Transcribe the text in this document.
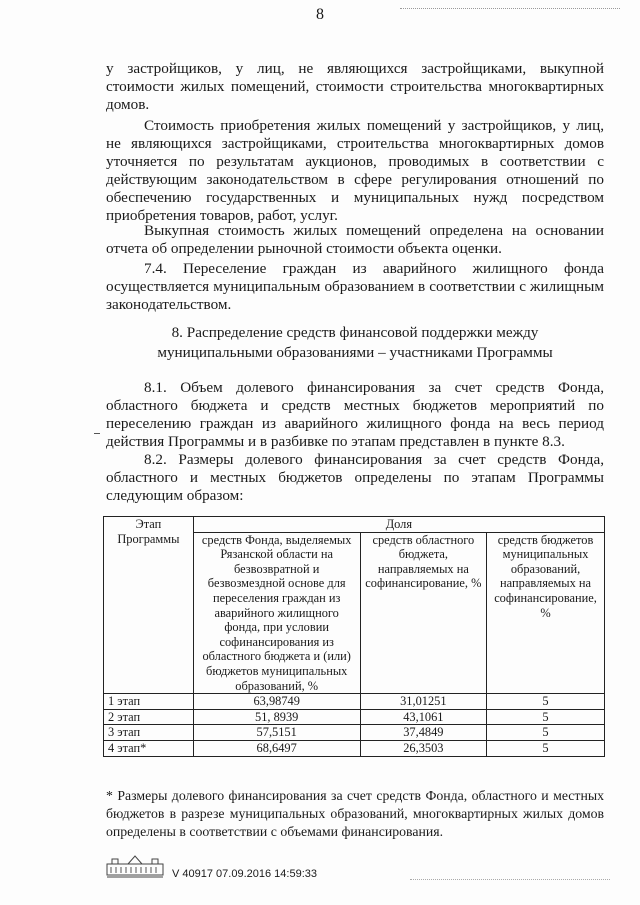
8
у застройщиков, у лиц, не являющихся застройщиками, выкупной стоимости жилых помещений, стоимости строительства многоквартирных домов.
Стоимость приобретения жилых помещений у застройщиков, у лиц, не являющихся застройщиками, строительства многоквартирных домов уточняется по результатам аукционов, проводимых в соответствии с действующим законодательством в сфере регулирования отношений по обеспечению государственных и муниципальных нужд посредством приобретения товаров, работ, услуг.
Выкупная стоимость жилых помещений определена на основании отчета об определении рыночной стоимости объекта оценки.
7.4. Переселение граждан из аварийного жилищного фонда осуществляется муниципальным образованием в соответствии с жилищным законодательством.
8. Распределение средств финансовой поддержки между
муниципальными образованиями – участниками Программы
8.1. Объем долевого финансирования за счет средств Фонда, областного бюджета и средств местных бюджетов мероприятий по переселению граждан из аварийного жилищного фонда на весь период действия Программы и в разбивке по этапам представлен в пункте 8.3.
8.2. Размеры долевого финансирования за счет средств Фонда, областного и местных бюджетов определены по этапам Программы следующим образом:
Этап Программы	Доля		
	средств Фонда, выделяемых Рязанской области на безвозвратной и безвозмездной основе для переселения граждан из аварийного жилищного фонда, при условии софинансирования из областного бюджета и (или) бюджетов муниципальных образований, %	средств областного бюджета, направляемых на софинансирование, %	средств бюджетов муниципальных образований, направляемых на софинансирование, %
1 этап	63,98749	31,01251	5
2 этап	51, 8939	43,1061	5
3 этап	57,5151	37,4849	5
4 этап*	68,6497	26,3503	5
* Размеры долевого финансирования за счет средств Фонда, областного и местных бюджетов в разрезе муниципальных образований, многоквартирных жилых домов определены в соответствии с объемами финансирования.
V 40917 07.09.2016 14:59:33
